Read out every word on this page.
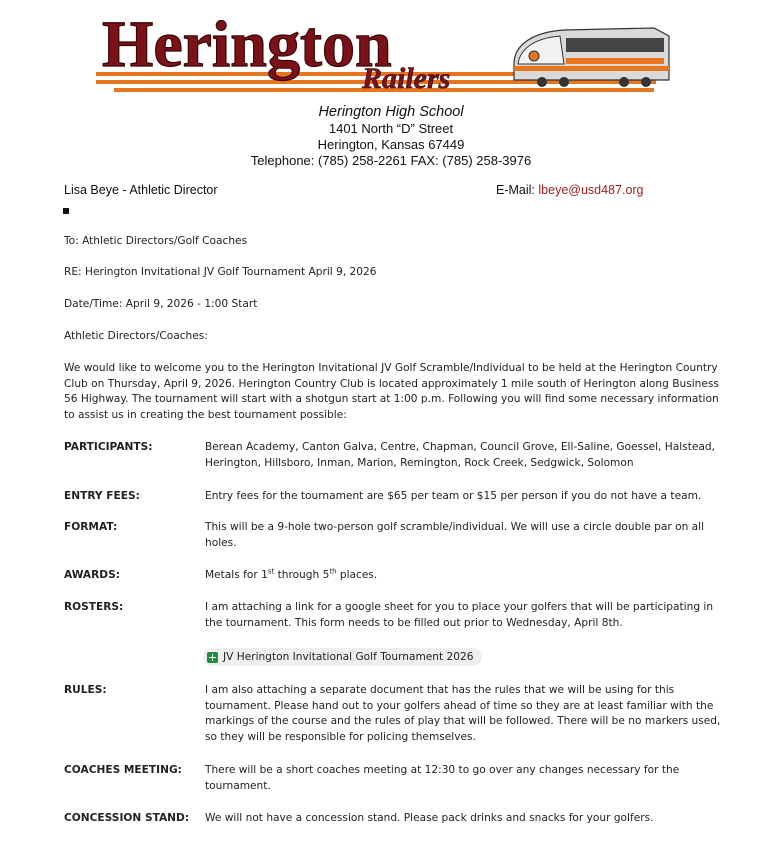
Herington
Railers
Herington High School
1401 North “D” Street
Herington, Kansas 67449
Telephone: (785) 258-2261 FAX: (785) 258-3976
Lisa Beye - Athletic Director	E-Mail: lbeye@usd487.org
To: Athletic Directors/Golf Coaches
RE: Herington Invitational JV Golf Tournament April 9, 2026
Date/Time: April 9, 2026 - 1:00 Start
Athletic Directors/Coaches:
We would like to welcome you to the Herington Invitational JV Golf Scramble/Individual to be held at the Herington Country Club on Thursday, April 9, 2026. Herington Country Club is located approximately 1 mile south of Herington along Business 56 Highway. The tournament will start with a shotgun start at 1:00 p.m. Following you will find some necessary information to assist us in creating the best tournament possible:
PARTICIPANTS:	Berean Academy, Canton Galva, Centre, Chapman, Council Grove, Ell-Saline, Goessel, Halstead, Herington, Hillsboro, Inman, Marion, Remington, Rock Creek, Sedgwick, Solomon
ENTRY FEES:	Entry fees for the tournament are $65 per team or $15 per person if you do not have a team.
FORMAT:	This will be a 9-hole two-person golf scramble/individual. We will use a circle double par on all holes.
AWARDS:	Metals for 1st through 5th places.
ROSTERS:	I am attaching a link for a google sheet for you to place your golfers that will be participating in the tournament. This form needs to be filled out prior to Wednesday, April 8th.
JV Herington Invitational Golf Tournament 2026
RULES:	I am also attaching a separate document that has the rules that we will be using for this tournament. Please hand out to your golfers ahead of time so they are at least familiar with the markings of the course and the rules of play that will be followed. There will be no markers used, so they will be responsible for policing themselves.
COACHES MEETING:	There will be a short coaches meeting at 12:30 to go over any changes necessary for the tournament.
CONCESSION STAND:	We will not have a concession stand. Please pack drinks and snacks for your golfers.
